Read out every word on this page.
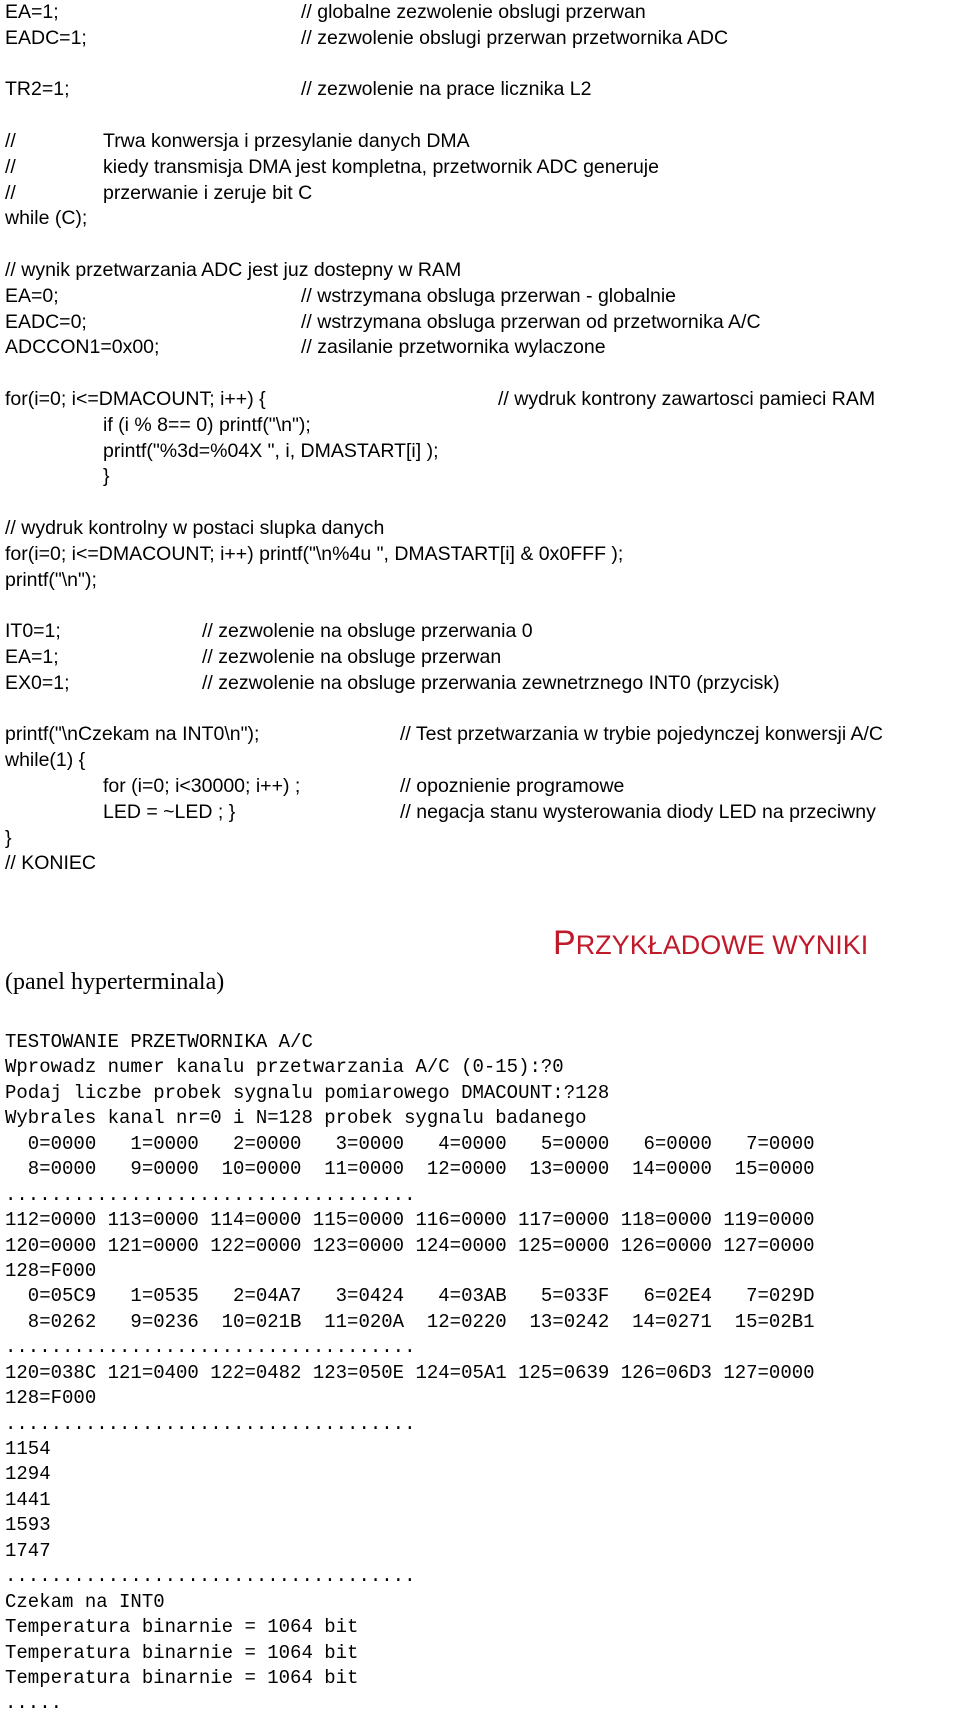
EA=1;	// globalne zezwolenie obslugi przerwan
EADC=1;	// zezwolenie obslugi przerwan przetwornika ADC
TR2=1;	// zezwolenie na prace licznika L2
//	Trwa konwersja i przesylanie danych DMA
//	kiedy transmisja DMA jest kompletna, przetwornik ADC generuje
//	przerwanie i zeruje bit C
while (C);
// wynik przetwarzania ADC jest juz dostepny w RAM
EA=0;	// wstrzymana obsluga przerwan - globalnie
EADC=0;	// wstrzymana obsluga przerwan od przetwornika A/C
ADCCON1=0x00;	// zasilanie przetwornika wylaczone
for(i=0; i<=DMACOUNT; i++) {	// wydruk kontrony zawartosci pamieci RAM
if (i % 8== 0) printf("\n");
printf("%3d=%04X ", i, DMASTART[i] );
}
// wydruk kontrolny w postaci slupka danych
for(i=0; i<=DMACOUNT; i++) printf("\n%4u ", DMASTART[i] & 0x0FFF );
printf("\n");
IT0=1;	// zezwolenie na obsluge przerwania 0
EA=1;	// zezwolenie na obsluge przerwan
EX0=1;	// zezwolenie na obsluge przerwania zewnetrznego INT0 (przycisk)
printf("\nCzekam na INT0\n");	// Test przetwarzania w trybie pojedynczej konwersji A/C
while(1) {
for (i=0; i<30000; i++) ;	// opoznienie programowe
LED = ~LED ; }	// negacja stanu wysterowania diody LED na przeciwny
}
// KONIEC
PRZYKŁADOWE WYNIKI
(panel hyperterminala)
TESTOWANIE PRZETWORNIKA A/C
Wprowadz numer kanalu przetwarzania A/C (0-15):?0
Podaj liczbe probek sygnalu pomiarowego DMACOUNT:?128
Wybrales kanal nr=0 i N=128 probek sygnalu badanego
0=0000   1=0000   2=0000   3=0000   4=0000   5=0000   6=0000   7=0000
8=0000   9=0000  10=0000  11=0000  12=0000  13=0000  14=0000  15=0000
....................................
112=0000 113=0000 114=0000 115=0000 116=0000 117=0000 118=0000 119=0000
120=0000 121=0000 122=0000 123=0000 124=0000 125=0000 126=0000 127=0000
128=F000
0=05C9   1=0535   2=04A7   3=0424   4=03AB   5=033F   6=02E4   7=029D
8=0262   9=0236  10=021B  11=020A  12=0220  13=0242  14=0271  15=02B1
....................................
120=038C 121=0400 122=0482 123=050E 124=05A1 125=0639 126=06D3 127=0000
128=F000
....................................
1154
1294
1441
1593
1747
....................................
Czekam na INT0
Temperatura binarnie = 1064 bit
Temperatura binarnie = 1064 bit
Temperatura binarnie = 1064 bit
.....
